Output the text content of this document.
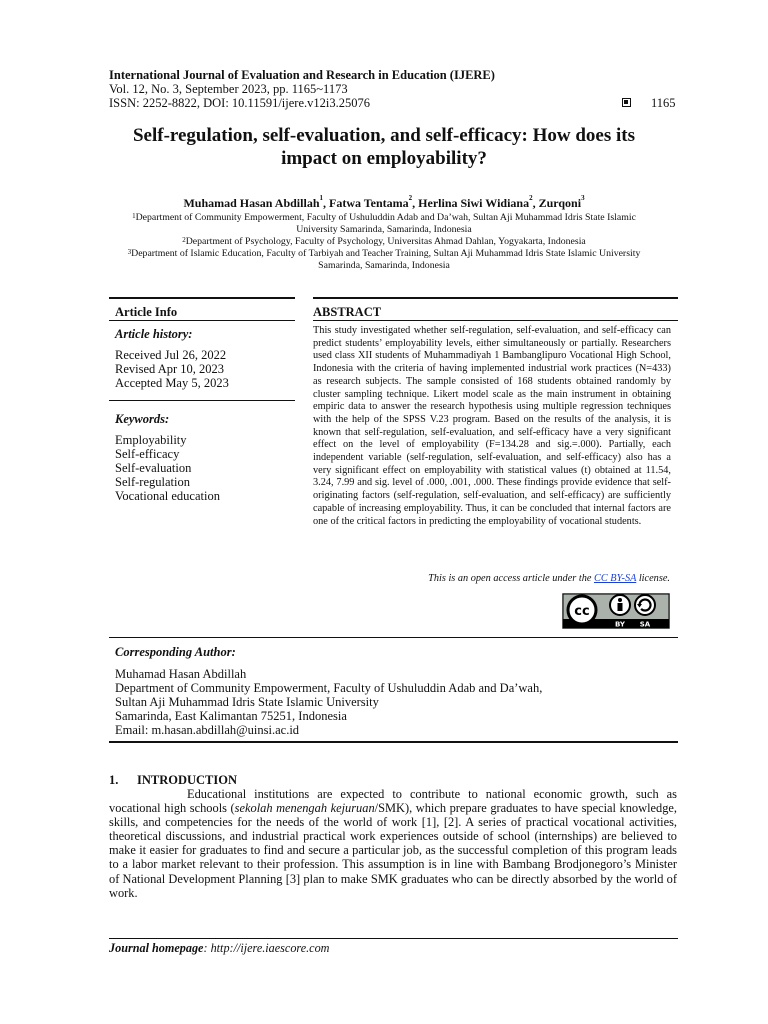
International Journal of Evaluation and Research in Education (IJERE)
Vol. 12, No. 3, September 2023, pp. 1165~1173
ISSN: 2252-8822, DOI: 10.11591/ijere.v12i3.25076	1165
Self-regulation, self-evaluation, and self-efficacy: How does its
impact on employability?
Muhamad Hasan Abdillah$^1$, Fatwa Tentama$^2$, Herlina Siwi Widiana$^2$, Zurqoni$^3$
$^1$Department of Community Empowerment, Faculty of Ushuluddin Adab and Da’wah, Sultan Aji Muhammad Idris State Islamic
University Samarinda, Samarinda, Indonesia
$^2$Department of Psychology, Faculty of Psychology, Universitas Ahmad Dahlan, Yogyakarta, Indonesia
$^3$Department of Islamic Education, Faculty of Tarbiyah and Teacher Training, Sultan Aji Muhammad Idris State Islamic University
Samarinda, Samarinda, Indonesia
Article Info
Article history:
Received Jul 26, 2022
Revised Apr 10, 2023
Accepted May 5, 2023
Keywords:
Employability
Self-efficacy
Self-evaluation
Self-regulation
Vocational education
ABSTRACT
This study investigated whether self-regulation, self-evaluation, and self-efficacy can predict students’ employability levels, either simultaneously or partially. Researchers used class XII students of Muhammadiyah 1 Bambanglipuro Vocational High School, Indonesia with the criteria of having implemented industrial work practices (N=433) as research subjects. The sample consisted of 168 students obtained randomly by cluster sampling technique. Likert model scale as the main instrument in obtaining empiric data to answer the research hypothesis using multiple regression techniques with the help of the SPSS V.23 program. Based on the results of the analysis, it is known that self-regulation, self-evaluation, and self-efficacy have a very significant effect on the level of employability (F=134.28 and sig.=.000). Partially, each independent variable (self-regulation, self-evaluation, and self-efficacy) also has a very significant effect on employability with statistical values (t) obtained at 11.54, 3.24, 7.99 and sig. level of .000, .001, .000. These findings provide evidence that self-originating factors (self-regulation, self-evaluation, and self-efficacy) are sufficiently capable of increasing employability. Thus, it can be concluded that internal factors are one of the critical factors in predicting the employability of vocational students.
This is an open access article under the CC BY-SA license.
cc
BY SA
Corresponding Author:
Muhamad Hasan Abdillah
Department of Community Empowerment, Faculty of Ushuluddin Adab and Da’wah,
Sultan Aji Muhammad Idris State Islamic University
Samarinda, East Kalimantan 75251, Indonesia
Email: m.hasan.abdillah@uinsi.ac.id
1. INTRODUCTION
Educational institutions are expected to contribute to national economic growth, such as vocational high schools (sekolah menengah kejuruan/SMK), which prepare graduates to have special knowledge, skills, and competencies for the needs of the world of work [1], [2]. A series of practical vocational activities, theoretical discussions, and industrial practical work experiences outside of school (internships) are believed to make it easier for graduates to find and secure a particular job, as the successful completion of this program leads to a labor market relevant to their profession. This assumption is in line with Bambang Brodjonegoro’s Minister of National Development Planning [3] plan to make SMK graduates who can be directly absorbed by the world of work.
Journal homepage: http://ijere.iaescore.com
